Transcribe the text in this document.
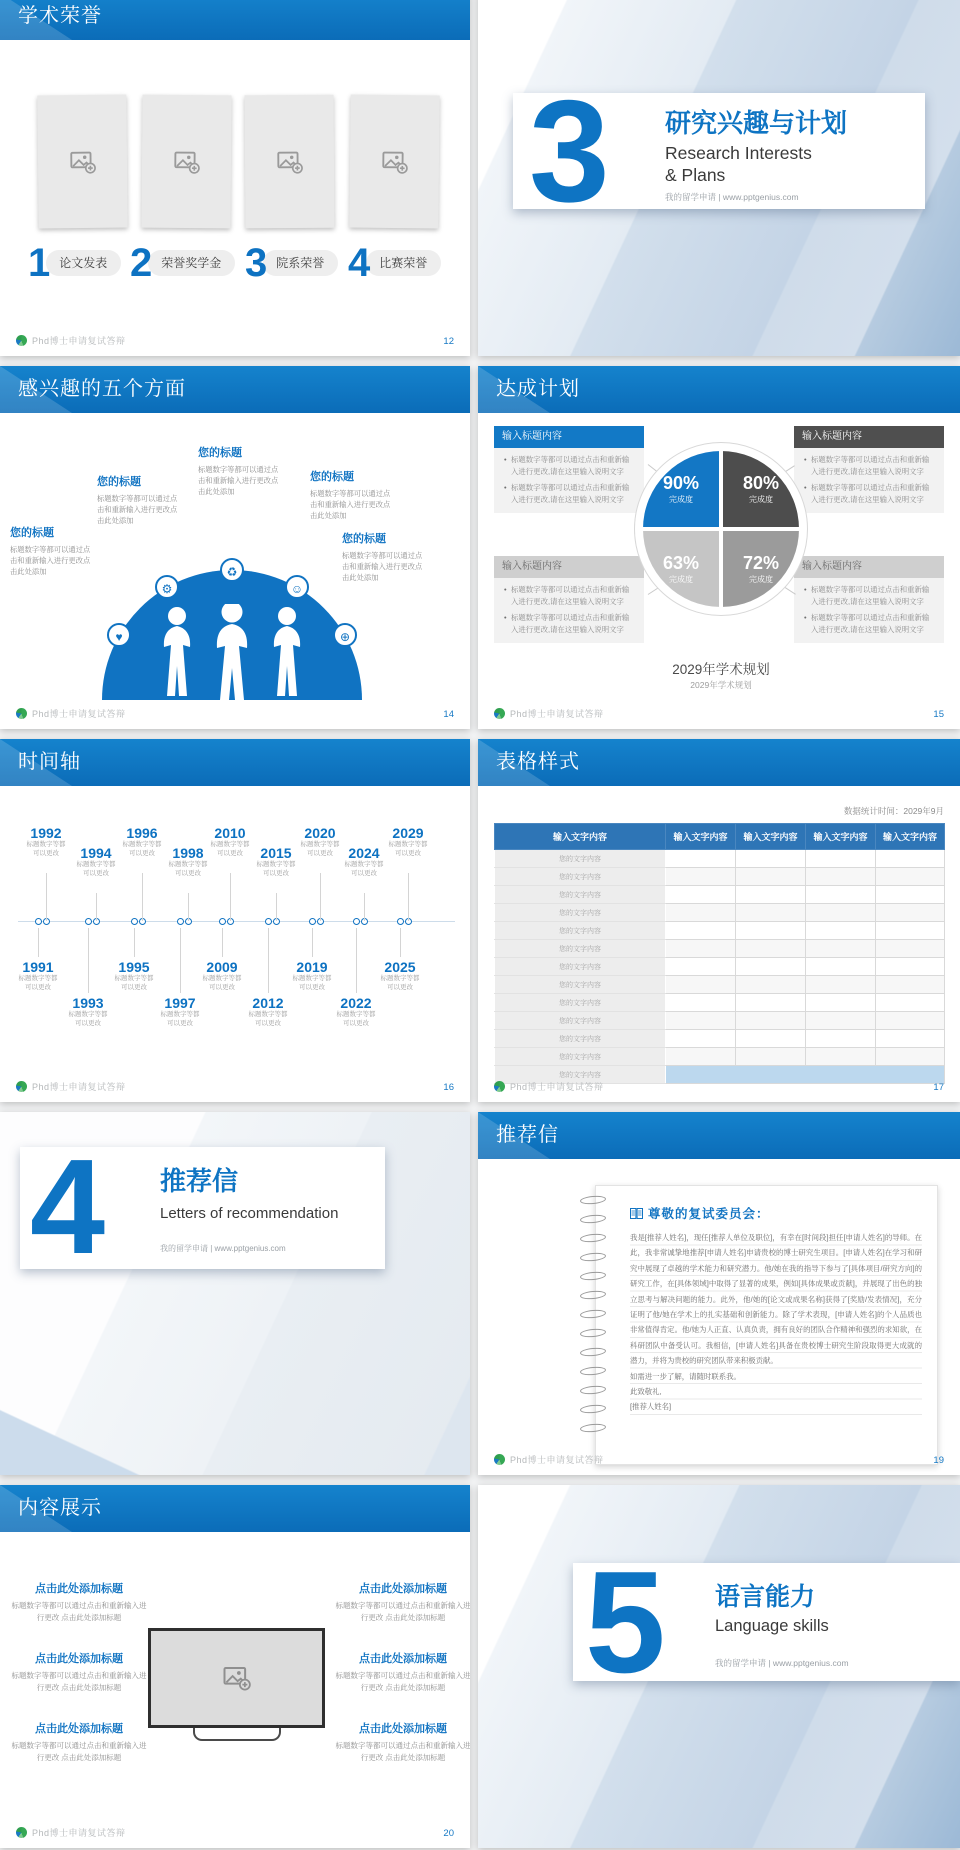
学术荣誉
1 论文发表 2 荣誉奖学金 3 院系荣誉 4 比赛荣誉
Phd博士申请复试答辩	12
3 研究兴趣与计划
Research Interests
& Plans
我的留学申请 | www.pptgenius.com
感兴趣的五个方面
您的标题
标题数字等都可以通过点击和重新输入进行更改点击此处添加
您的标题
标题数字等都可以通过点击和重新输入进行更改点击此处添加
您的标题
标题数字等都可以通过点击和重新输入进行更改点击此处添加
您的标题
标题数字等都可以通过点击和重新输入进行更改点击此处添加
您的标题
标题数字等都可以通过点击和重新输入进行更改点击此处添加
♥
⚙
♻
☺
⊕
Phd博士申请复试答辩	14
达成计划
输入标题内容
• 标题数字等都可以通过点击和重新输入进行更改,请在这里输入说明文字
• 标题数字等都可以通过点击和重新输入进行更改,请在这里输入说明文字
输入标题内容
• 标题数字等都可以通过点击和重新输入进行更改,请在这里输入说明文字
• 标题数字等都可以通过点击和重新输入进行更改,请在这里输入说明文字
输入标题内容
• 标题数字等都可以通过点击和重新输入进行更改,请在这里输入说明文字
• 标题数字等都可以通过点击和重新输入进行更改,请在这里输入说明文字
输入标题内容
• 标题数字等都可以通过点击和重新输入进行更改,请在这里输入说明文字
• 标题数字等都可以通过点击和重新输入进行更改,请在这里输入说明文字
90%
完成度
80%
完成度
63%
完成度
72%
完成度
2029年学术规划
2029年学术规划
Phd博士申请复试答辩	15
时间轴
1992
标题数字等都
可以更改	1994
标题数字等都
可以更改
1996
标题数字等都
可以更改	1998
标题数字等都
可以更改
2010
标题数字等都
可以更改	2015
标题数字等都
可以更改
2020
标题数字等都
可以更改	2024
标题数字等都
可以更改
2029
标题数字等都
可以更改
1991
标题数字等都
可以更改
1993
标题数字等都
可以更改
1995
标题数字等都
可以更改
1997
标题数字等都
可以更改
2009
标题数字等都
可以更改
2012
标题数字等都
可以更改
2019
标题数字等都
可以更改
2022
标题数字等都
可以更改
2025
标题数字等都
可以更改
Phd博士申请复试答辩	16
表格样式
数据统计时间：2029年9月
输入文字内容	输入文字内容	输入文字内容	输入文字内容	输入文字内容
您的文字内容				
您的文字内容				
您的文字内容				
您的文字内容				
您的文字内容				
您的文字内容				
您的文字内容				
您的文字内容				
您的文字内容				
您的文字内容				
您的文字内容				
您的文字内容				
您的文字内容				
Phd博士申请复试答辩	17
4 推荐信
Letters of recommendation
我的留学申请 | www.pptgenius.com
推荐信
尊敬的复试委员会：

我是[推荐人姓名]，现任[推荐人单位及职位]，有幸在[时间段]担任[申请人姓名]的导师。在此，我非常诚挚地推荐[申请人姓名]申请贵校的博士研究生项目。[申请人姓名]在学习和研究中展现了卓越的学术能力和研究潜力。他/她在我的指导下参与了[具体项目/研究方向]的研究工作，在[具体领域]中取得了显著的成果，例如[具体成果或贡献]，并展现了出色的独立思考与解决问题的能力。此外，他/她的[论文或成果名称]获得了[奖励/发表情况]，充分证明了他/她在学术上的扎实基础和创新能力。除了学术表现，[申请人姓名]的个人品质也非常值得肯定。他/她为人正直、认真负责，拥有良好的团队合作精神和强烈的求知欲，在科研团队中备受认可。我相信，[申请人姓名]具备在贵校博士研究生阶段取得更大成就的潜力，并将为贵校的研究团队带来积极贡献。

如需进一步了解，请随时联系我。

此致敬礼,

[推荐人姓名]

Phd博士申请复试答辩	19
内容展示
点击此处添加标题
标题数字等都可以通过点击和重新输入进行更改 点击此处添加标题
点击此处添加标题
标题数字等都可以通过点击和重新输入进行更改 点击此处添加标题
点击此处添加标题
标题数字等都可以通过点击和重新输入进行更改 点击此处添加标题
点击此处添加标题
标题数字等都可以通过点击和重新输入进行更改 点击此处添加标题
点击此处添加标题
标题数字等都可以通过点击和重新输入进行更改 点击此处添加标题
点击此处添加标题
标题数字等都可以通过点击和重新输入进行更改 点击此处添加标题
Phd博士申请复试答辩	20
5 语言能力
Language skills
我的留学申请 | www.pptgenius.com
